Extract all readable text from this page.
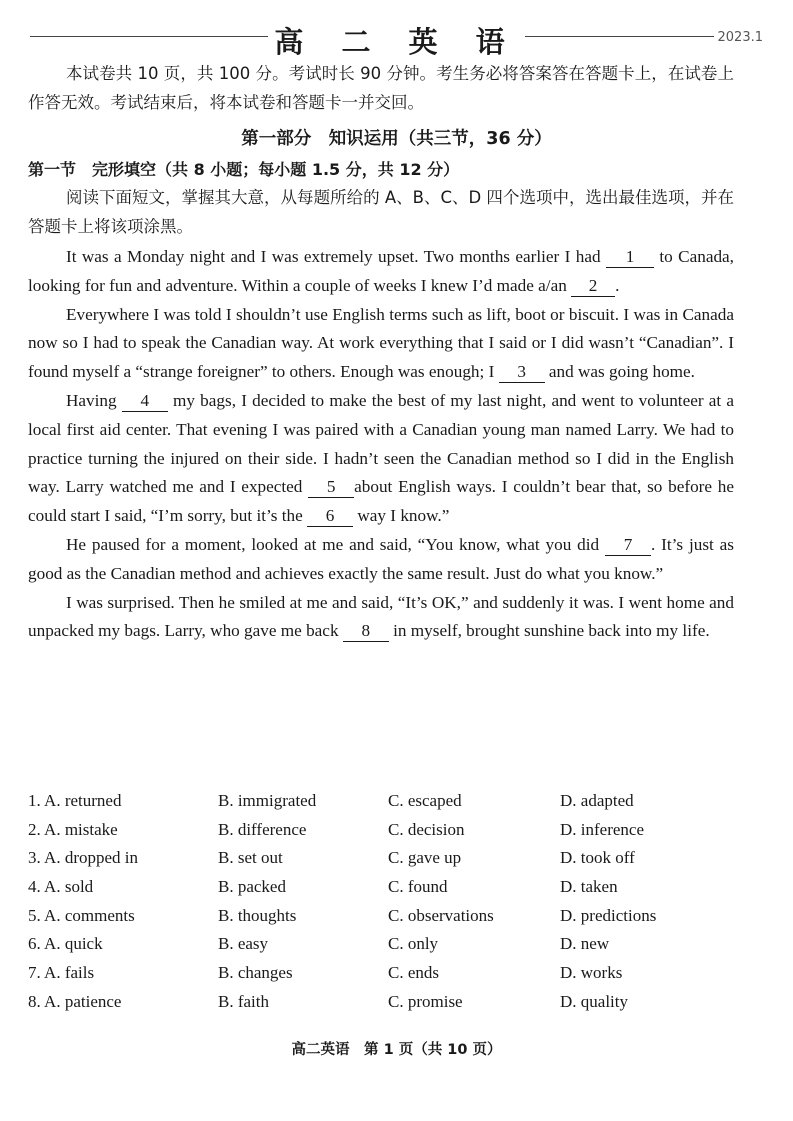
高 二 英 语	2023.1
本试卷共 10 页，共 100 分。考试时长 90 分钟。考生务必将答案答在答题卡上，在试卷上作答无效。考试结束后，将本试卷和答题卡一并交回。
第一部分　知识运用（共三节，36 分）
第一节　完形填空（共 8 小题；每小题 1.5 分，共 12 分）
阅读下面短文，掌握其大意，从每题所给的 A、B、C、D 四个选项中，选出最佳选项，并在答题卡上将该项涂黑。

It was a Monday night and I was extremely upset. Two months earlier I had 1 to Canada, looking for fun and adventure. Within a couple of weeks I knew I’d made a/an 2 .

Everywhere I was told I shouldn’t use English terms such as lift, boot or biscuit. I was in Canada now so I had to speak the Canadian way. At work everything that I said or I did wasn’t “Canadian”. I found myself a “strange foreigner” to others. Enough was enough; I 3 and was going home.

Having 4 my bags, I decided to make the best of my last night, and went to volunteer at a local first aid center. That evening I was paired with a Canadian young man named Larry. We had to practice turning the injured on their side. I hadn’t seen the Canadian method so I did in the English way. Larry watched me and I expected 5 about English ways. I couldn’t bear that, so before he could start I said, “I’m sorry, but it’s the 6 way I know.”

He paused for a moment, looked at me and said, “You know, what you did 7 . It’s just as good as the Canadian method and achieves exactly the same result. Just do what you know.”

I was surprised. Then he smiled at me and said, “It’s OK,” and suddenly it was. I went home and unpacked my bags. Larry, who gave me back 8 in myself, brought sunshine back into my life.

1. A. returned	B. immigrated	C. escaped	D. adapted
2. A. mistake	B. difference	C. decision	D. inference
3. A. dropped in	B. set out	C. gave up	D. took off
4. A. sold	B. packed	C. found	D. taken
5. A. comments	B. thoughts	C. observations	D. predictions
6. A. quick	B. easy	C. only	D. new
7. A. fails	B. changes	C. ends	D. works
8. A. patience	B. faith	C. promise	D. quality
高二英语　第 1 页（共 10 页）
